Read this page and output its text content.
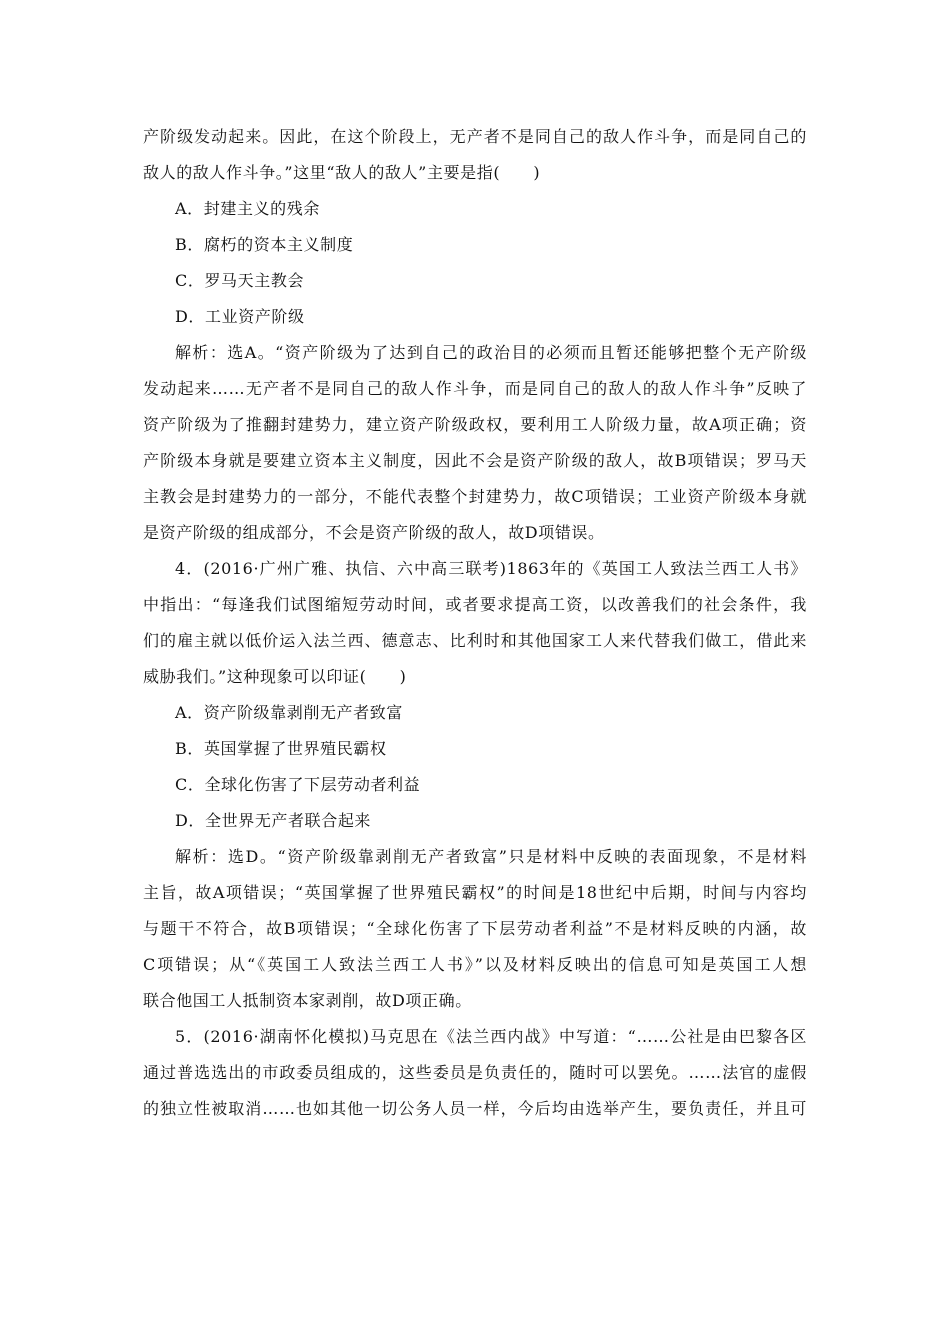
产阶级发动起来。因此，在这个阶段上，无产者不是同自己的敌人作斗争，而是同自己的
敌人的敌人作斗争。”这里“敌人的敌人”主要是指(　　)
A．封建主义的残余
B．腐朽的资本主义制度
C．罗马天主教会
D．工业资产阶级
解析：选A。“资产阶级为了达到自己的政治目的必须而且暂还能够把整个无产阶级
发动起来……无产者不是同自己的敌人作斗争，而是同自己的敌人的敌人作斗争”反映了
资产阶级为了推翻封建势力，建立资产阶级政权，要利用工人阶级力量，故A项正确；资
产阶级本身就是要建立资本主义制度，因此不会是资产阶级的敌人，故B项错误；罗马天
主教会是封建势力的一部分，不能代表整个封建势力，故C项错误；工业资产阶级本身就
是资产阶级的组成部分，不会是资产阶级的敌人，故D项错误。
4．(2016·广州广雅、执信、六中高三联考)1863年的《英国工人致法兰西工人书》
中指出：“每逢我们试图缩短劳动时间，或者要求提高工资，以改善我们的社会条件，我
们的雇主就以低价运入法兰西、德意志、比利时和其他国家工人来代替我们做工，借此来
威胁我们。”这种现象可以印证(　　)
A．资产阶级靠剥削无产者致富
B．英国掌握了世界殖民霸权
C．全球化伤害了下层劳动者利益
D．全世界无产者联合起来
解析：选D。“资产阶级靠剥削无产者致富”只是材料中反映的表面现象，不是材料
主旨，故A项错误；“英国掌握了世界殖民霸权”的时间是18世纪中后期，时间与内容均
与题干不符合，故B项错误；“全球化伤害了下层劳动者利益”不是材料反映的内涵，故
C项错误；从“《英国工人致法兰西工人书》”以及材料反映出的信息可知是英国工人想
联合他国工人抵制资本家剥削，故D项正确。
5．(2016·湖南怀化模拟)马克思在《法兰西内战》中写道：“……公社是由巴黎各区
通过普选选出的市政委员组成的，这些委员是负责任的，随时可以罢免。……法官的虚假
的独立性被取消……也如其他一切公务人员一样，今后均由选举产生，要负责任，并且可
